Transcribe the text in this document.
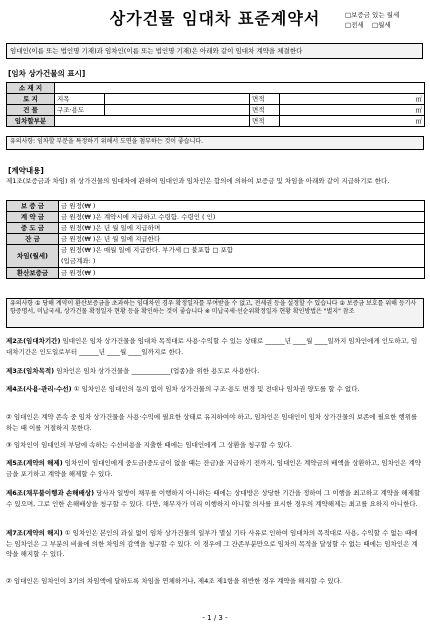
상가건물 임대차 표준계약서	□보증금 있는 월세
□전세 □월세
임대인(이름 또는 법인명 기재)과 임차인(이름 또는 법인명 기재)은 아래와 같이 임대차 계약을 체결한다
[임차 상가건물의 표시]
소 재 지				
토 지	지목		면적	㎡
건 물	구조·용도		면적	㎡
임차할부분			면적	㎡
유의사항: 임차할 부분을 특정하기 위해서 도면을 첨부하는 것이 좋습니다.
[계약내용]
제1조(보증금과 차임) 위 상가건물의 임대차에 관하여 임대인과 임차인은 합의에 의하여 보증금 및 차임을 아래와 같이 지급하기로 한다.
보 증 금	금 원정(₩ )
계 약 금	금 원정(₩ )은 계약시에 지급하고 수령함. 수령인 ( 인)
중 도 금	금 원정(₩ )은 년 월 일에 지급하며
잔 금	금 원정(₩ )은 년 월 일에 지급한다
차임(월세)	금 원정(₩ )은 매월 일에 지급한다. 부가세 □ 불포함 □ 포함
(입금계좌: )

환산보증금	금 원정(₩ )
유의사항 ① 당해 계약이 환산보증금을 초과하는 임대차인 경우 확정일자를 부여받을 수 없고, 전세권 등을 설정할 수 있습니다 ② 보증금 보호를 위해 등기사항증명서, 미납국세, 상가건물 확정일자 현황 등을 확인하는 것이 좋습니다 ※ 미납국세·선순위확정일자 현황 확인방법은 "별지" 참조
제2조(임대차기간) 임대인은 임차 상가건물을 임대차 목적대로 사용·수익할 수 있는 상태로 ______년 ____월 ____일까지 임차인에게 인도하고, 임대차기간은 인도일로부터 ______년 ____월 ____일까지로 한다.
제3조(임차목적) 임차인은 임차 상가건물을 ____________(업종)을 위한 용도로 사용한다.
제4조(사용·관리·수선) ① 임차인은 임대인의 동의 없이 임차 상가건물의 구조·용도 변경 및 전대나 임차권 양도를 할 수 없다.
② 임대인은 계약 존속 중 임차 상가건물을 사용·수익에 필요한 상태로 유지하여야 하고, 임차인은 임대인이 임차 상가건물의 보존에 필요한 행위를 하는 때 이를 거절하지 못한다.
③ 임차인이 임대인의 부담에 속하는 수선비용을 지출한 때에는 임대인에게 그 상환을 청구할 수 있다.
제5조(계약의 해제) 임차인이 임대인에게 중도금(중도금이 없을 때는 잔금)을 지급하기 전까지, 임대인은 계약금의 배액을 상환하고, 임차인은 계약금을 포기하고 계약을 해제할 수 있다.
제6조(채무불이행과 손해배상) 당사자 일방이 채무를 이행하지 아니하는 때에는 상대방은 상당한 기간을 정하여 그 이행을 최고하고 계약을 해제할 수 있으며, 그로 인한 손해배상을 청구할 수 있다. 다만, 채무자가 미리 이행하지 아니할 의사를 표시한 경우의 계약해제는 최고를 요하지 아니한다.
제7조(계약의 해지) ① 임차인은 본인의 과실 없이 임차 상가건물의 일부가 멸실 기타 사유로 인하여 임대차의 목적대로 사용, 수익할 수 없는 때에는 임차인은 그 부분의 비율에 의한 차임의 감액을 청구할 수 있다. 이 경우에 그 잔존부분만으로 임차의 목적을 달성할 수 없는 때에는 임차인은 계약을 해지할 수 있다.
② 임대인은 임차인이 3기의 차임액에 달하도록 차임을 연체하거나, 제4조 제1항을 위반한 경우 계약을 해지할 수 있다.
- 1 / 3 -
